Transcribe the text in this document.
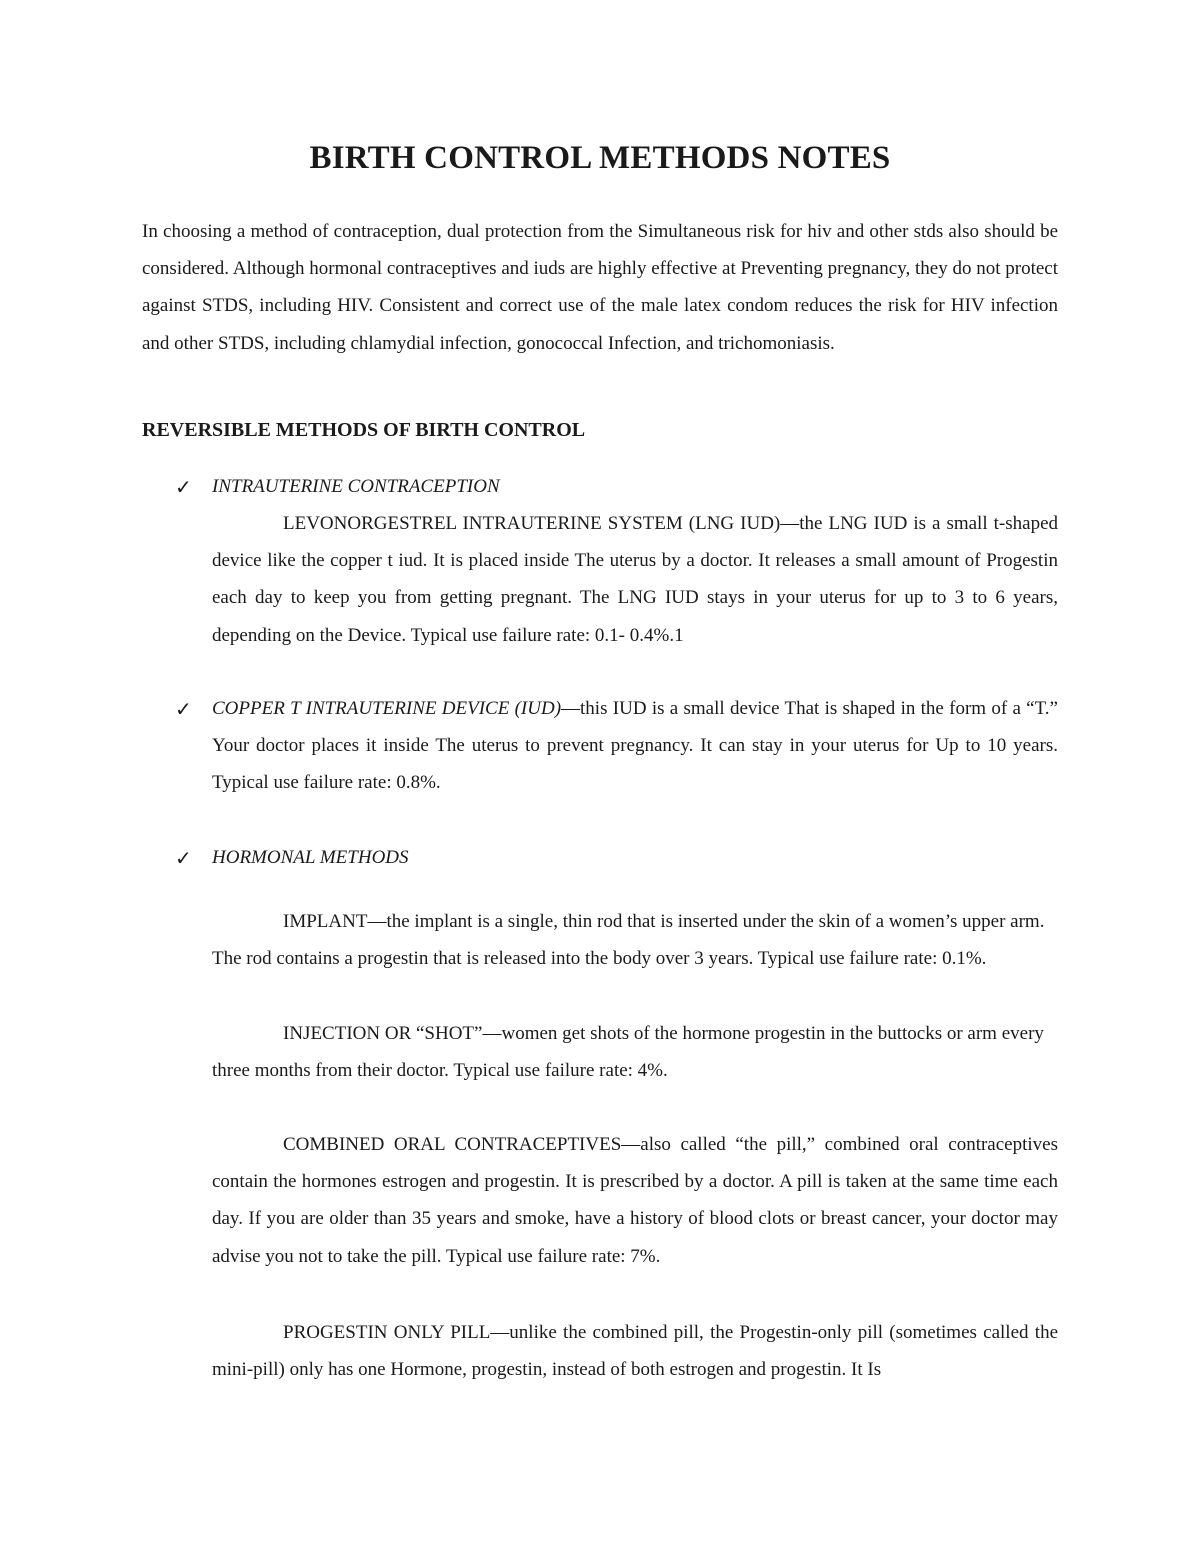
BIRTH CONTROL METHODS NOTES

In choosing a method of contraception, dual protection from the Simultaneous risk for hiv and other stds also should be considered. Although hormonal contraceptives and iuds are highly effective at Preventing pregnancy, they do not protect against STDS, including HIV. Consistent and correct use of the male latex condom reduces the risk for HIV infection and other STDS, including chlamydial infection, gonococcal Infection, and trichomoniasis.

REVERSIBLE METHODS OF BIRTH CONTROL

✓ INTRAUTERINE CONTRACEPTION

LEVONORGESTREL INTRAUTERINE SYSTEM (LNG IUD)—the LNG IUD is a small t-shaped device like the copper t iud. It is placed inside The uterus by a doctor. It releases a small amount of Progestin each day to keep you from getting pregnant. The LNG IUD stays in your uterus for up to 3 to 6 years, depending on the Device. Typical use failure rate: 0.1- 0.4%.1

✓ COPPER T INTRAUTERINE DEVICE (IUD)—this IUD is a small device That is shaped in the form of a “T.” Your doctor places it inside The uterus to prevent pregnancy. It can stay in your uterus for Up to 10 years. Typical use failure rate: 0.8%.

✓ HORMONAL METHODS

IMPLANT—the implant is a single, thin rod that is inserted under the skin of a women’s upper arm. The rod contains a progestin that is released into the body over 3 years. Typical use failure rate: 0.1%.

INJECTION OR “SHOT”—women get shots of the hormone progestin in the buttocks or arm every three months from their doctor. Typical use failure rate: 4%.

COMBINED ORAL CONTRACEPTIVES—also called “the pill,” combined oral contraceptives contain the hormones estrogen and progestin. It is prescribed by a doctor. A pill is taken at the same time each day. If you are older than 35 years and smoke, have a history of blood clots or breast cancer, your doctor may advise you not to take the pill. Typical use failure rate: 7%.

PROGESTIN ONLY PILL—unlike the combined pill, the Progestin-only pill (sometimes called the mini-pill) only has one Hormone, progestin, instead of both estrogen and progestin. It Is
